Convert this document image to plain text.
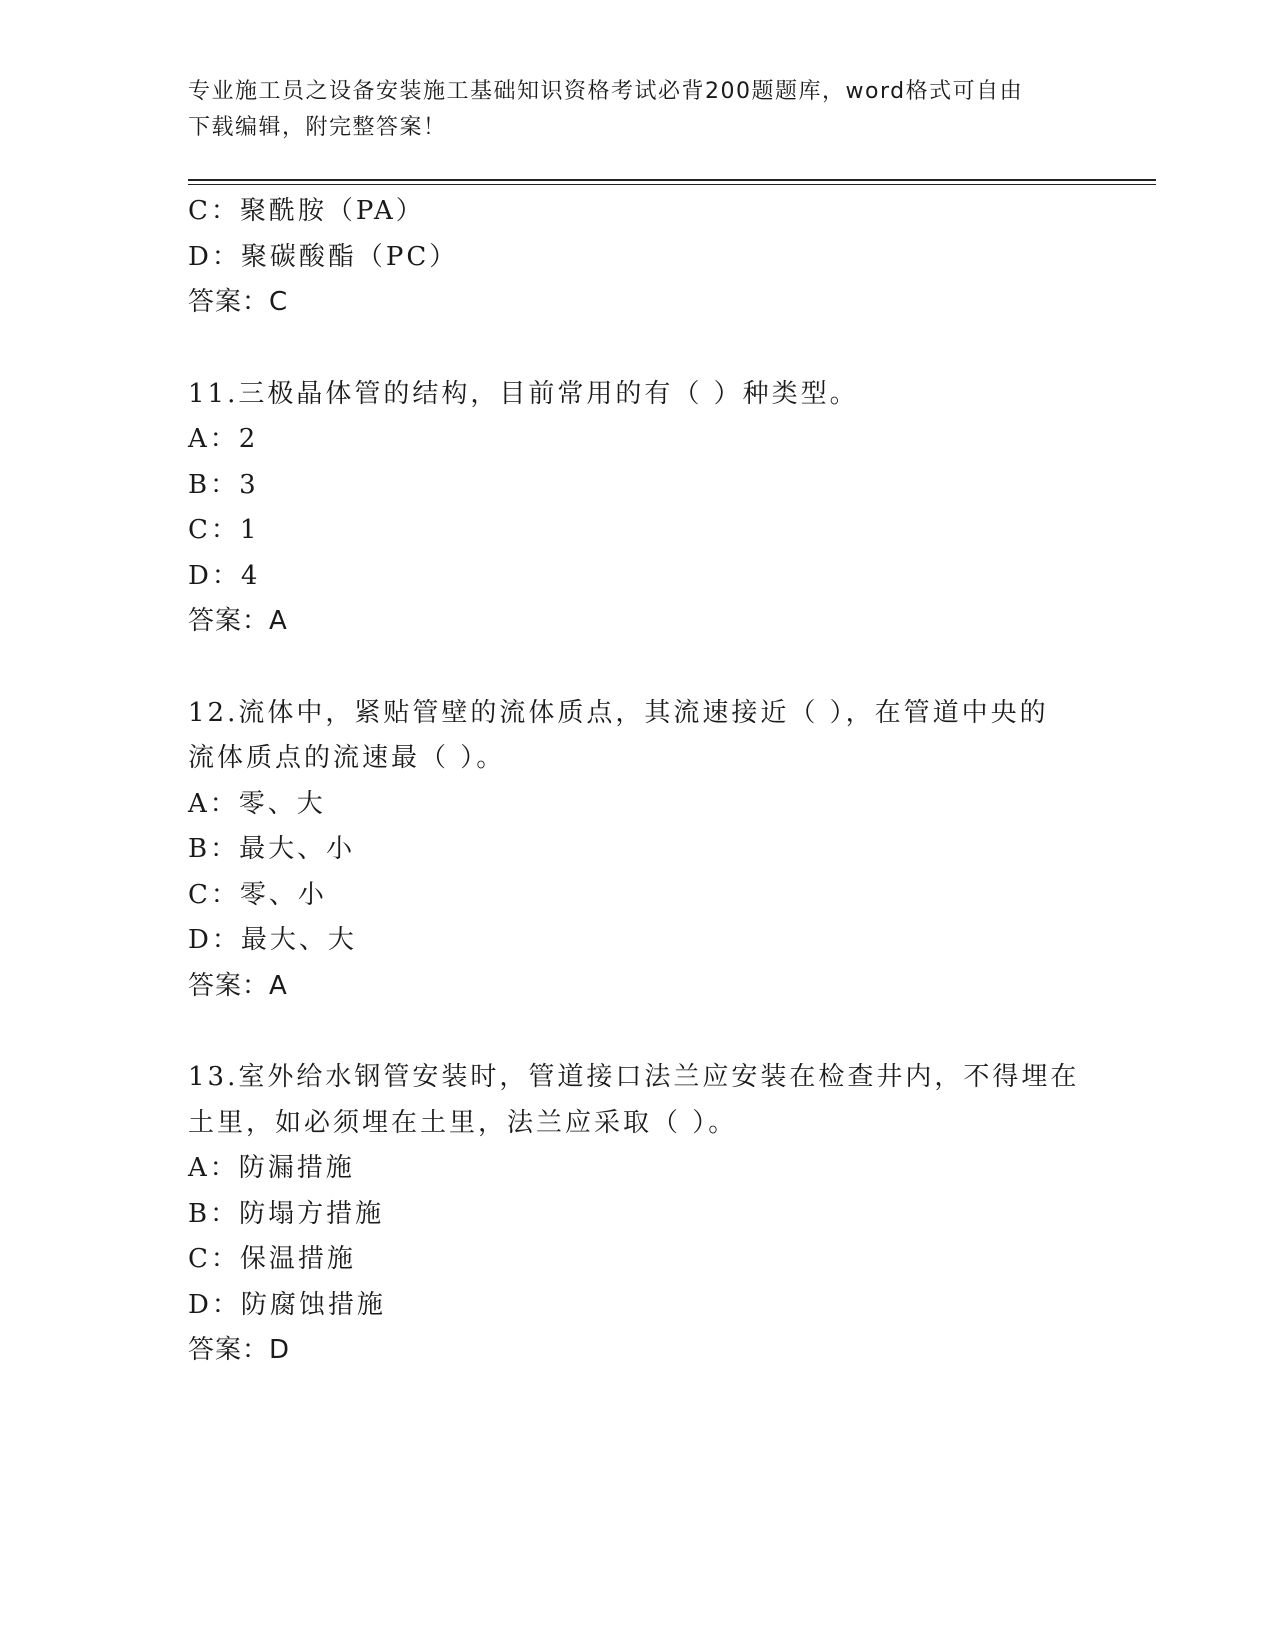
专业施工员之设备安装施工基础知识资格考试必背200题题库，word格式可自由
下载编辑，附完整答案！
C：聚酰胺（PA）
D：聚碳酸酯（PC）
答案：C
11.三极晶体管的结构，目前常用的有（ ）种类型。
A：2
B：3
C：1
D：4
答案：A
12.流体中，紧贴管壁的流体质点，其流速接近（ ），在管道中央的
流体质点的流速最（ ）。
A：零、大
B：最大、小
C：零、小
D：最大、大
答案：A
13.室外给水钢管安装时，管道接口法兰应安装在检查井内，不得埋在
土里，如必须埋在土里，法兰应采取（ ）。
A：防漏措施
B：防塌方措施
C：保温措施
D：防腐蚀措施
答案：D
